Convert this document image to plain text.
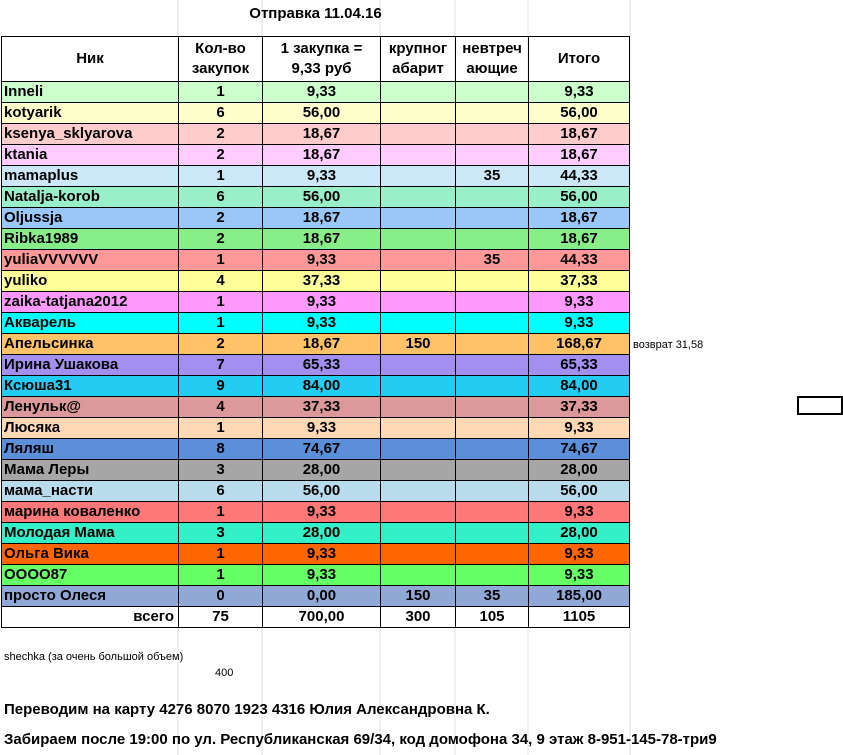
Отправка 11.04.16
Ник	Кол-во закупок	1 закупка = 9,33 руб	крупног абарит	невтреч ающие	Итого
Inneli	1	9,33			9,33
kotyarik	6	56,00			56,00
ksenya_sklyarova	2	18,67			18,67
ktania	2	18,67			18,67
mamaplus	1	9,33		35	44,33
Natalja-korob	6	56,00			56,00
Oljussja	2	18,67			18,67
Ribka1989	2	18,67			18,67
yuliaVVVVVV	1	9,33		35	44,33
yuliko	4	37,33			37,33
zaika-tatjana2012	1	9,33			9,33
Акварель	1	9,33			9,33
Апельсинка	2	18,67	150		168,67
Ирина Ушакова	7	65,33			65,33
Ксюша31	9	84,00			84,00
Ленульк@	4	37,33			37,33
Люсяка	1	9,33			9,33
Ляляш	8	74,67			74,67
Мама Леры	3	28,00			28,00
мама_насти	6	56,00			56,00
марина коваленко	1	9,33			9,33
Молодая Мама	3	28,00			28,00
Ольга Вика	1	9,33			9,33
OOOO87	1	9,33			9,33
просто Олеся	0	0,00	150	35	185,00
всего	75	700,00	300	105	1105
возврат 31,58
shechka (за очень большой объем)
400
Переводим на карту 4276 8070 1923 4316 Юлия Александровна К.
Забираем после 19:00 по ул. Республиканская 69/34, код домофона 34, 9 этаж 8-951-145-78-три9
